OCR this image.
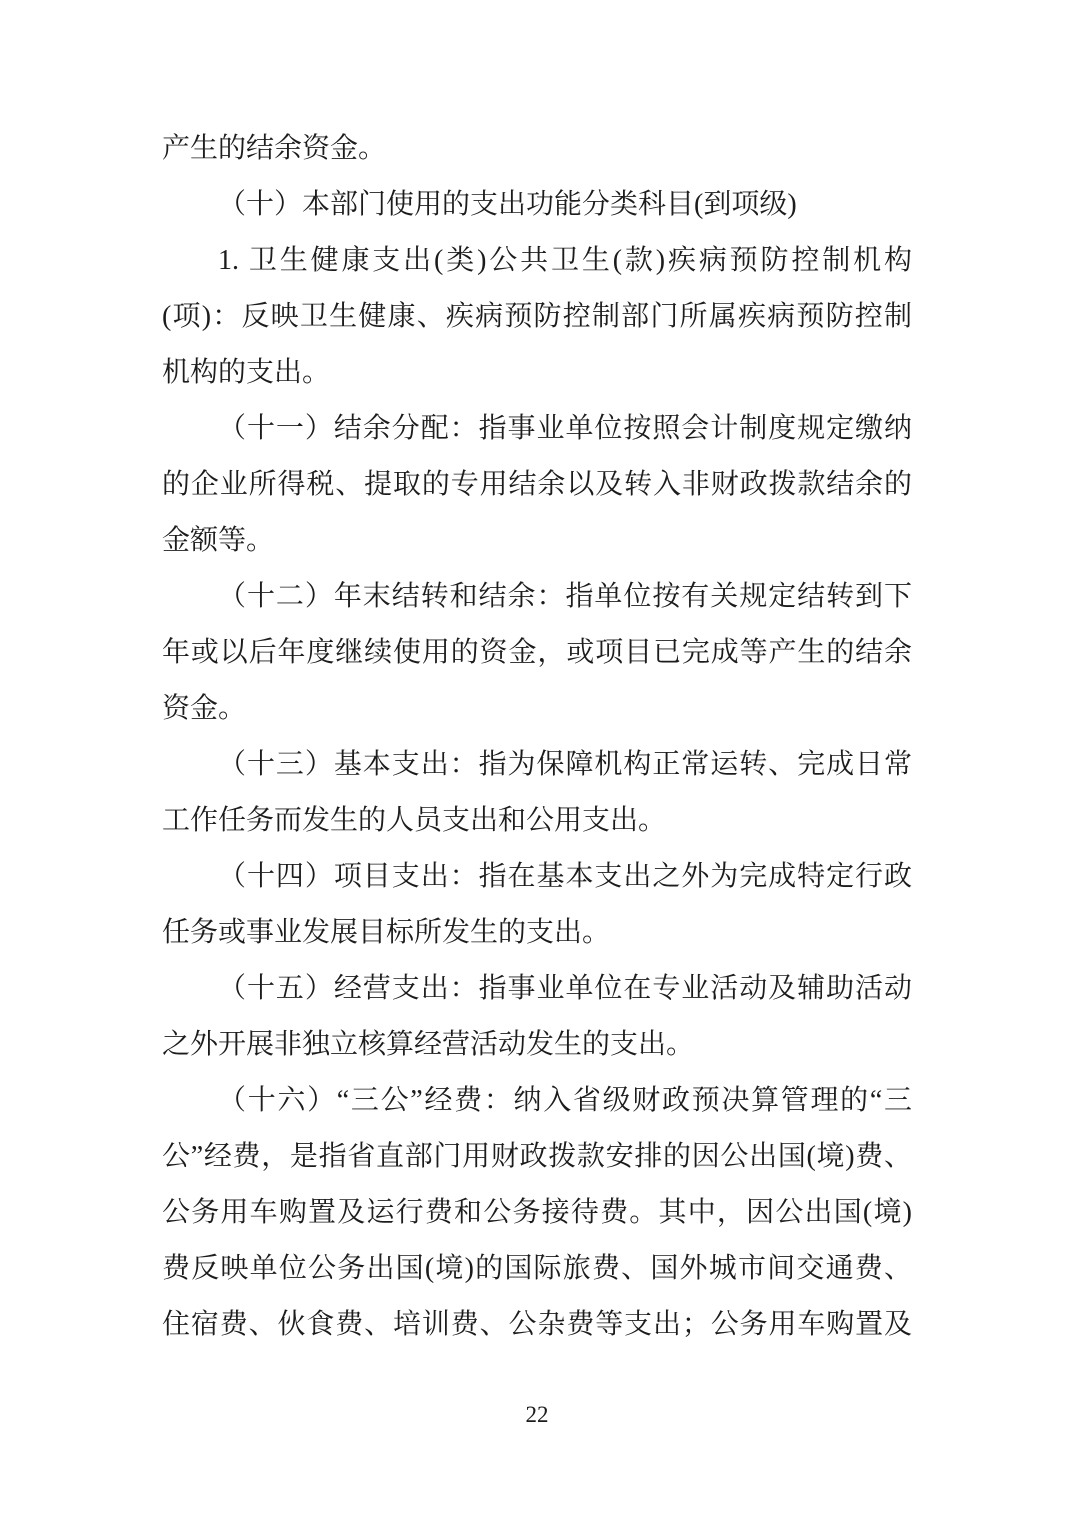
产生的结余资金。
（十）本部门使用的支出功能分类科目(到项级)
1. 卫生健康支出(类)公共卫生(款)疾病预防控制机构
(项)：反映卫生健康、疾病预防控制部门所属疾病预防控制
机构的支出。
（十一）结余分配：指事业单位按照会计制度规定缴纳
的企业所得税、提取的专用结余以及转入非财政拨款结余的
金额等。
（十二）年末结转和结余：指单位按有关规定结转到下
年或以后年度继续使用的资金，或项目已完成等产生的结余
资金。
（十三）基本支出：指为保障机构正常运转、完成日常
工作任务而发生的人员支出和公用支出。
（十四）项目支出：指在基本支出之外为完成特定行政
任务或事业发展目标所发生的支出。
（十五）经营支出：指事业单位在专业活动及辅助活动
之外开展非独立核算经营活动发生的支出。
（十六）“三公”经费：纳入省级财政预决算管理的“三
公”经费，是指省直部门用财政拨款安排的因公出国(境)费、
公务用车购置及运行费和公务接待费。其中，因公出国(境)
费反映单位公务出国(境)的国际旅费、国外城市间交通费、
住宿费、伙食费、培训费、公杂费等支出；公务用车购置及
22
